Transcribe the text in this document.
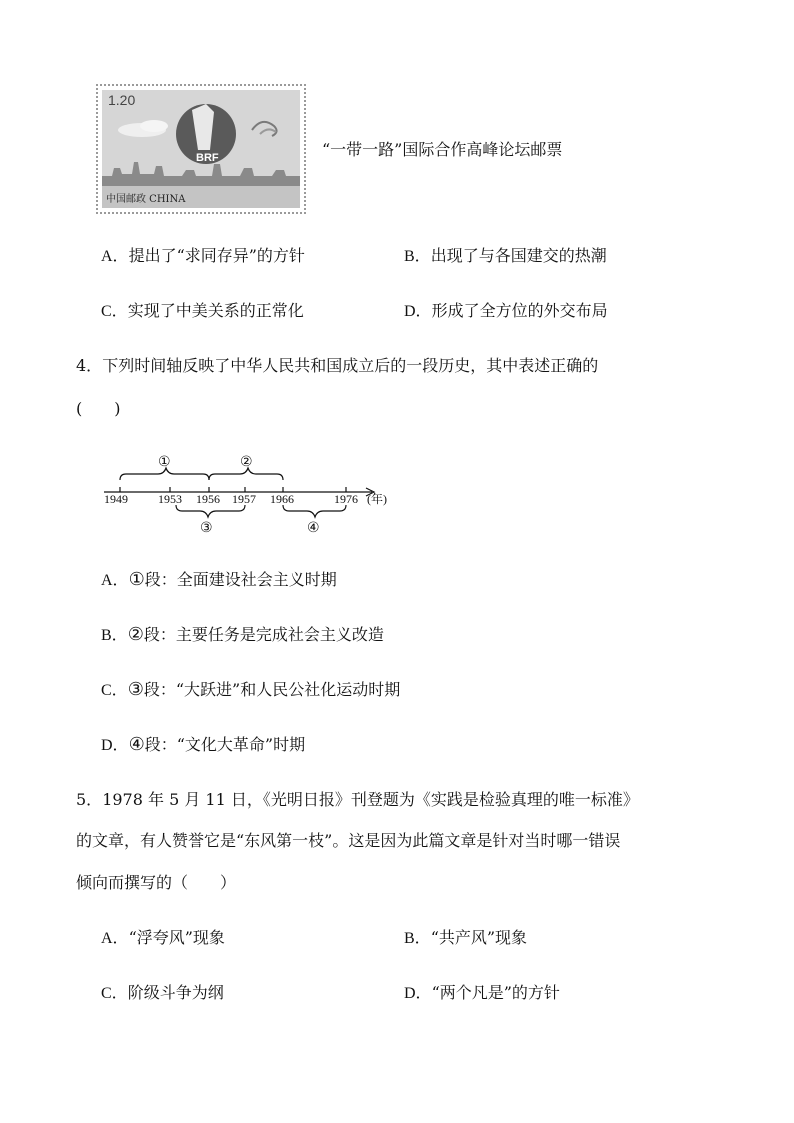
1.20
BRF
中国邮政 CHINA
“一带一路”国际合作高峰论坛邮票
A．提出了“求同存异”的方针	B．出现了与各国建交的热潮
C．实现了中美关系的正常化	D．形成了全方位的外交布局
4．下列时间轴反映了中华人民共和国成立后的一段历史，其中表述正确的
(　　)
1949	1953 1956 1957 1966	1976 (年)
①	②
③	④
A．①段：全面建设社会主义时期
B．②段：主要任务是完成社会主义改造
C．③段：“大跃进”和人民公社化运动时期
D．④段：“文化大革命”时期
5．1978 年 5 月 11 日，《光明日报》刊登题为《实践是检验真理的唯一标准》
的文章，有人赞誉它是“东风第一枝”。这是因为此篇文章是针对当时哪一错误
倾向而撰写的（　　）
A．“浮夸风”现象	B．“共产风”现象
C．阶级斗争为纲	D．“两个凡是”的方针
